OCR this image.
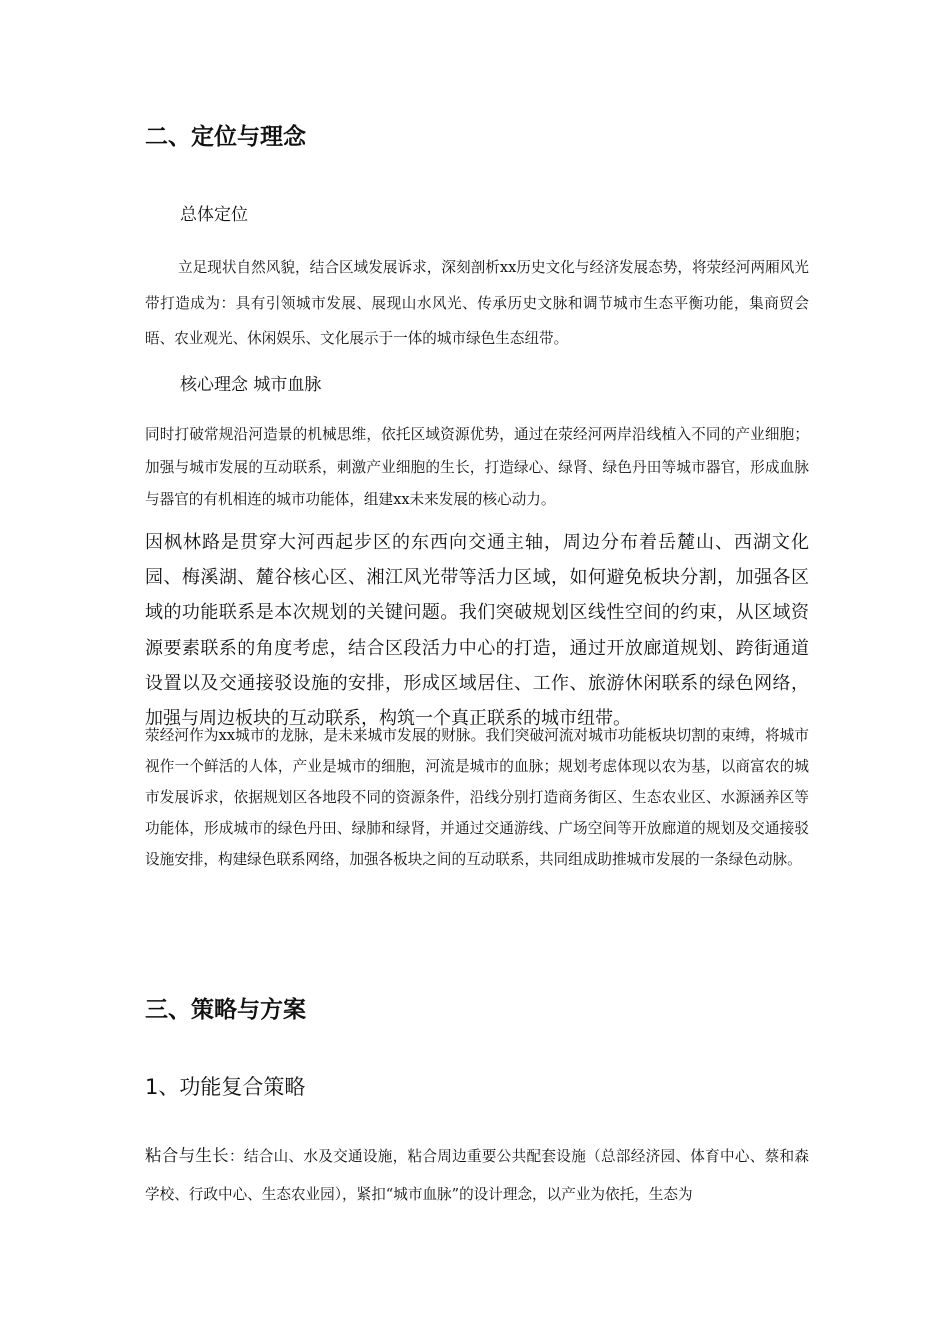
二、定位与理念
总体定位

立足现状自然风貌，结合区域发展诉求，深刻剖析xx历史文化与经济发展态势，将荥经河两厢风光带打造成为：具有引领城市发展、展现山水风光、传承历史文脉和调节城市生态平衡功能，集商贸会晤、农业观光、休闲娱乐、文化展示于一体的城市绿色生态纽带。

核心理念 城市血脉

同时打破常规沿河造景的机械思维，依托区域资源优势，通过在荥经河两岸沿线植入不同的产业细胞；加强与城市发展的互动联系，刺激产业细胞的生长，打造绿心、绿肾、绿色丹田等城市器官，形成血脉与器官的有机相连的城市功能体，组建xx未来发展的核心动力。

因枫林路是贯穿大河西起步区的东西向交通主轴，周边分布着岳麓山、西湖文化园、梅溪湖、麓谷核心区、湘江风光带等活力区域，如何避免板块分割，加强各区域的功能联系是本次规划的关键问题。我们突破规划区线性空间的约束，从区域资源要素联系的角度考虑，结合区段活力中心的打造，通过开放廊道规划、跨街通道设置以及交通接驳设施的安排，形成区域居住、工作、旅游休闲联系的绿色网络，加强与周边板块的互动联系，构筑一个真正联系的城市纽带。

荥经河作为xx城市的龙脉，是未来城市发展的财脉。我们突破河流对城市功能板块切割的束缚，将城市视作一个鲜活的人体，产业是城市的细胞，河流是城市的血脉；规划考虑体现以农为基，以商富农的城市发展诉求，依据规划区各地段不同的资源条件，沿线分别打造商务街区、生态农业区、水源涵养区等功能体，形成城市的绿色丹田、绿肺和绿肾，并通过交通游线、广场空间等开放廊道的规划及交通接驳设施安排，构建绿色联系网络，加强各板块之间的互动联系，共同组成助推城市发展的一条绿色动脉。

三、策略与方案
1、功能复合策略

粘合与生长：结合山、水及交通设施，粘合周边重要公共配套设施（总部经济园、体育中心、蔡和森学校、行政中心、生态农业园），紧扣“城市血脉”的设计理念，以产业为依托，生态为
